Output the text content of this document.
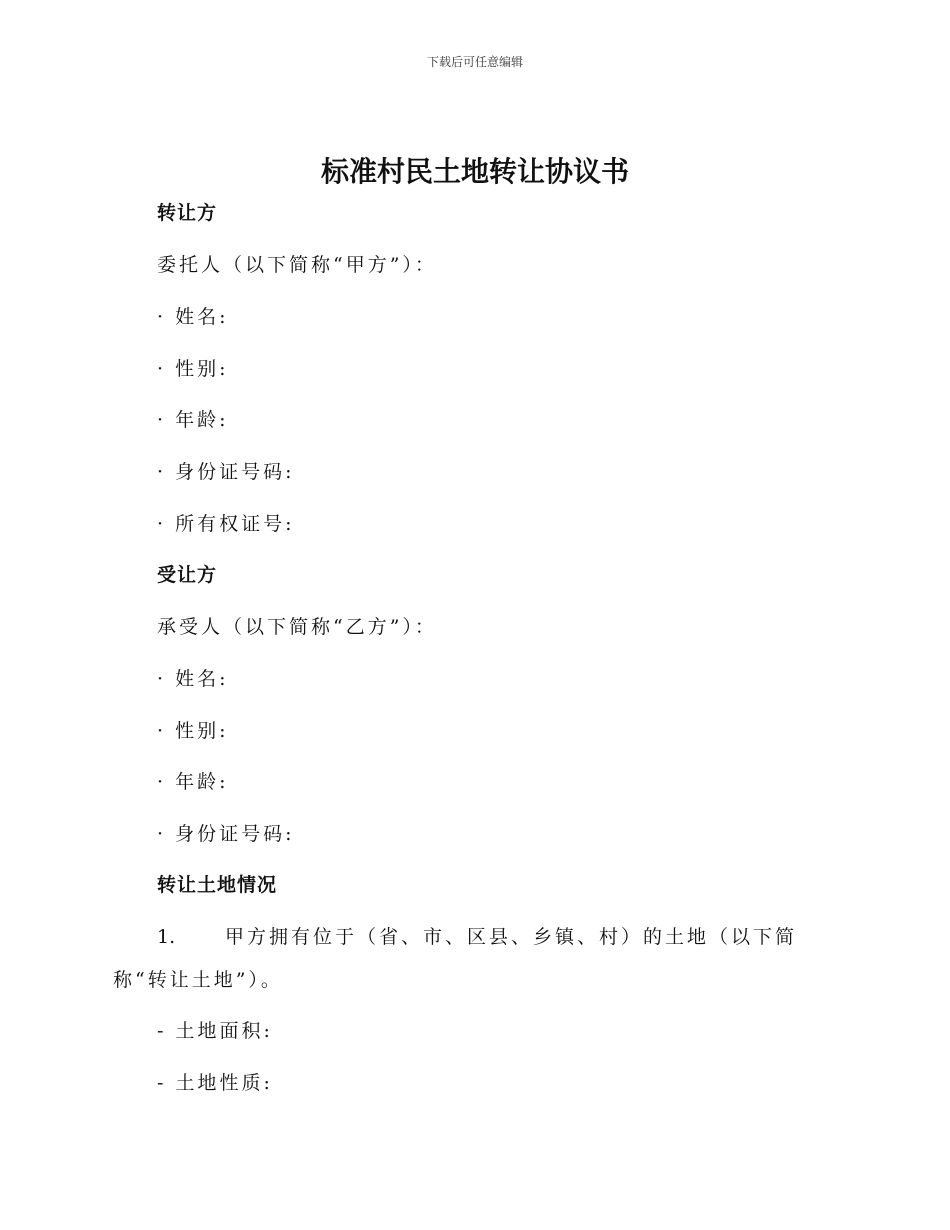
下载后可任意编辑
标准村民土地转让协议书
转让方
委托人（以下简称“甲方”）：
· 姓名:
· 性别:
· 年龄:
· 身份证号码:
· 所有权证号:
受让方
承受人（以下简称“乙方”）：
· 姓名:
· 性别:
· 年龄:
· 身份证号码:
转让土地情况
1.	甲方拥有位于（省、市、区县、乡镇、村）的土地（以下简
称“转让土地”）。
- 土地面积:
- 土地性质:
